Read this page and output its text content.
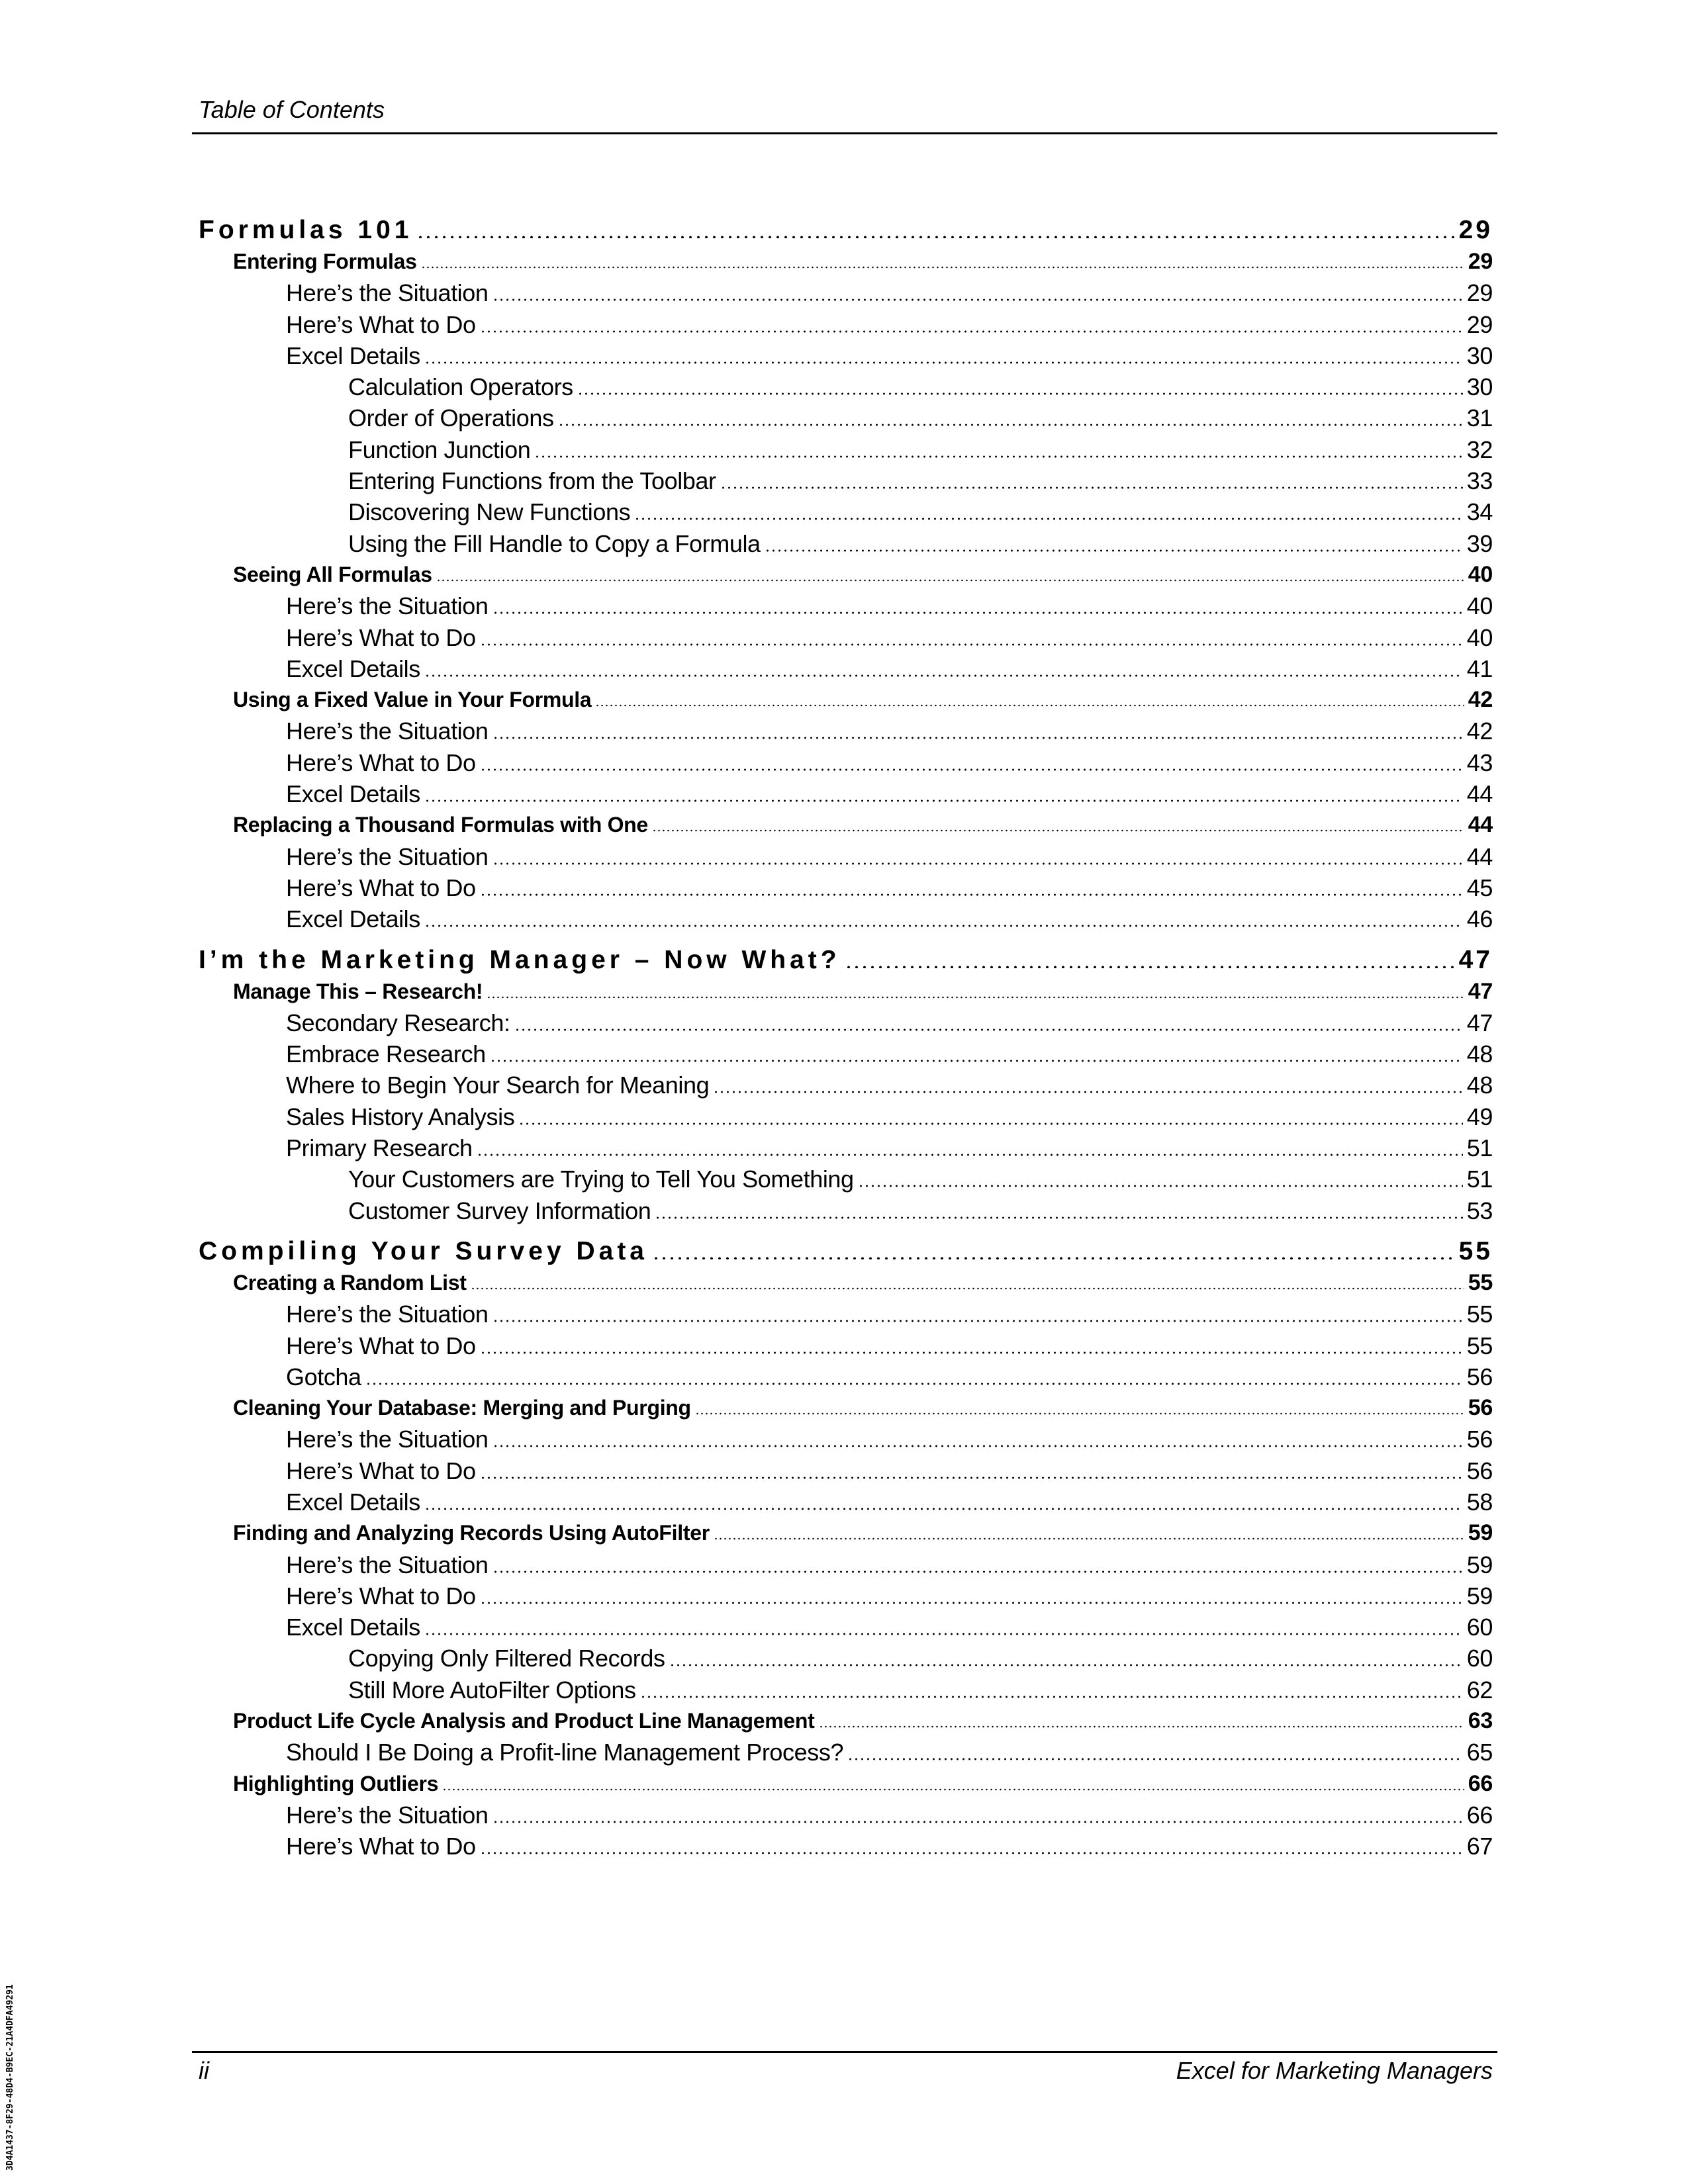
Table of Contents
Formulas 101	29
Entering Formulas	29
Here’s the Situation	29
Here’s What to Do	29
Excel Details	30
Calculation Operators	30
Order of Operations	31
Function Junction	32
Entering Functions from the Toolbar	33
Discovering New Functions	34
Using the Fill Handle to Copy a Formula	39
Seeing All Formulas	40
Here’s the Situation	40
Here’s What to Do	40
Excel Details	41
Using a Fixed Value in Your Formula	42
Here’s the Situation	42
Here’s What to Do	43
Excel Details	44
Replacing a Thousand Formulas with One	44
Here’s the Situation	44
Here’s What to Do	45
Excel Details	46
I’m the Marketing Manager – Now What?	47
Manage This – Research!	47
Secondary Research:	47
Embrace Research	48
Where to Begin Your Search for Meaning	48
Sales History Analysis	49
Primary Research	51
Your Customers are Trying to Tell You Something	51
Customer Survey Information	53
Compiling Your Survey Data	55
Creating a Random List	55
Here’s the Situation	55
Here’s What to Do	55
Gotcha	56
Cleaning Your Database: Merging and Purging	56
Here’s the Situation	56
Here’s What to Do	56
Excel Details	58
Finding and Analyzing Records Using AutoFilter	59
Here’s the Situation	59
Here’s What to Do	59
Excel Details	60
Copying Only Filtered Records	60
Still More AutoFilter Options	62
Product Life Cycle Analysis and Product Line Management	63
Should I Be Doing a Profit-line Management Process?	65
Highlighting Outliers	66
Here’s the Situation	66
Here’s What to Do	67
ii	Excel for Marketing Managers
3D4A1437-8F29-48D4-B9EC-21A4DFA49291
